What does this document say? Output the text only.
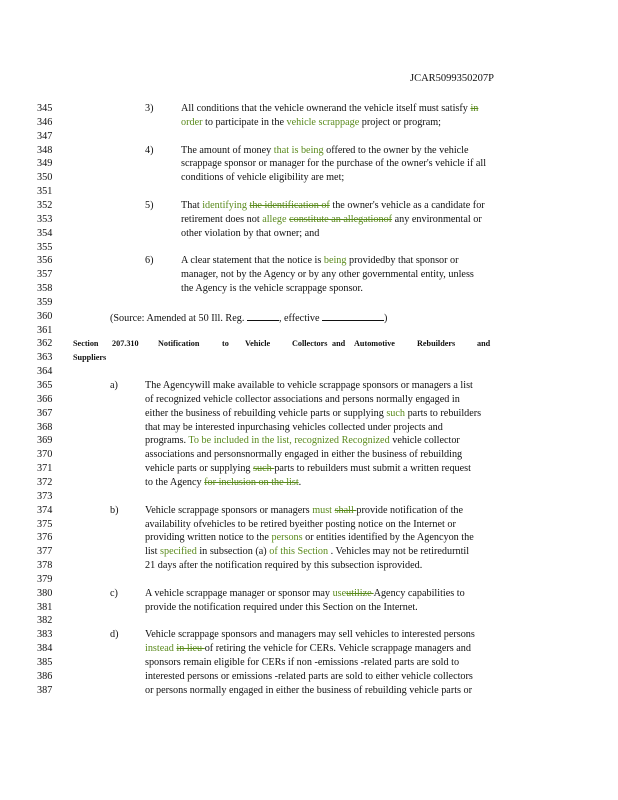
JCAR5099350207P
345	3)	All conditions that the vehicle ownerand the vehicle itself must satisfy in
346	order to participate in the vehicle scrappage project or program;
347
348	4)	The amount of money that is being offered to the owner by the vehicle
349	scrappage sponsor or manager for the purchase of the owner's vehicle if all
350	conditions of vehicle eligibility are met;
351
352	5)	That identifying the identification of the owner's vehicle as a candidate for
353	retirement does not allege constitute an allegationof any environmental or
354	other violation by that owner; and
355
356	6)	A clear statement that the notice is being providedby that sponsor or
357	manager, not by the Agency or by any other governmental entity, unless
358	the Agency is the vehicle scrappage sponsor.
359
360	(Source: Amended at 50 Ill. Reg.	, effective	)
361
362	Section 207.310 Notification	to Vehicle	Collectors and Automotive	Rebuilders	and
363	Suppliers
364
365	a)	The Agencywill make available to vehicle scrappage sponsors or managers a list
366	of recognized vehicle collector associations and persons normally engaged in
367	either the business of rebuilding vehicle parts or supplying such parts to rebuilders
368	that may be interested inpurchasing vehicles collected under projects and
369	programs. To be included in the list, recognized Recognized vehicle collector
370	associations and personsnormally engaged in either the business of rebuilding
371	vehicle parts or supplying such parts to rebuilders must submit a written request
372	to the Agency for inclusion on the list.
373
374	b)	Vehicle scrappage sponsors or managers must shall provide notification of the
375	availability ofvehicles to be retired byeither posting notice on the Internet or
376	providing written notice to the persons or entities identified by the Agencyon the
377	list specified in subsection (a) of this Section . Vehicles may not be retiredurntil
378	21 days after the notification required by this subsection isprovided.
379
380	c)	A vehicle scrappage manager or sponsor may useutilize Agency capabilities to
381	provide the notification required under this Section on the Internet.
382
383	d)	Vehicle scrappage sponsors and managers may sell vehicles to interested persons
384	instead in lieu of retiring the vehicle for CERs. Vehicle scrappage managers and
385	sponsors remain eligible for CERs if non -emissions -related parts are sold to
386	interested persons or emissions -related parts are sold to either vehicle collectors
387	or persons normally engaged in either the business of rebuilding vehicle parts or
